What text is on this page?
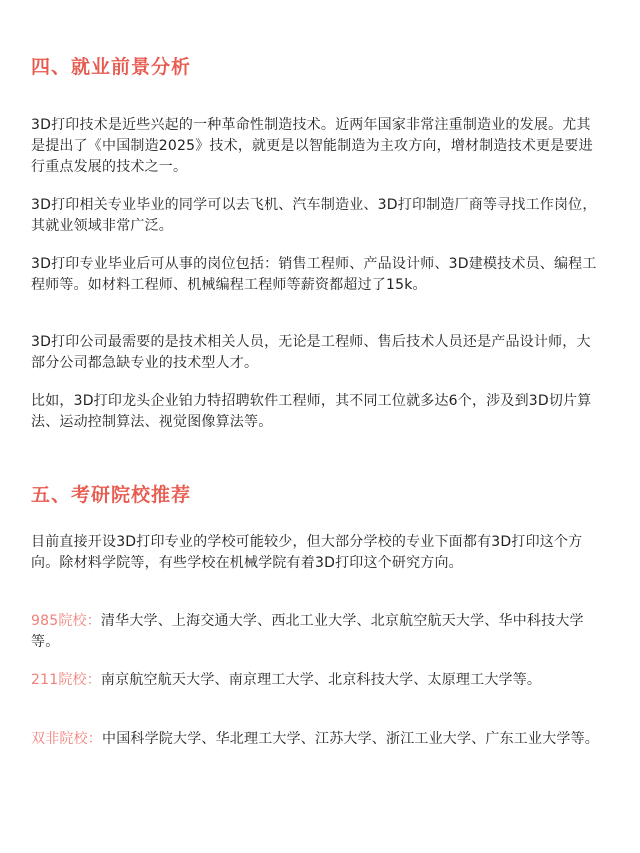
四、就业前景分析

3D打印技术是近些兴起的一种革命性制造技术。近两年国家非常注重制造业的发展。尤其是提出了《中国制造2025》技术，就更是以智能制造为主攻方向，增材制造技术更是要进行重点发展的技术之一。

3D打印相关专业毕业的同学可以去飞机、汽车制造业、3D打印制造厂商等寻找工作岗位，其就业领域非常广泛。

3D打印专业毕业后可从事的岗位包括：销售工程师、产品设计师、3D建模技术员、编程工程师等。如材料工程师、机械编程工程师等薪资都超过了15k。

3D打印公司最需要的是技术相关人员，无论是工程师、售后技术人员还是产品设计师，大部分公司都急缺专业的技术型人才。

比如，3D打印龙头企业铂力特招聘软件工程师，其不同工位就多达6个，涉及到3D切片算法、运动控制算法、视觉图像算法等。

五、考研院校推荐

目前直接开设3D打印专业的学校可能较少，但大部分学校的专业下面都有3D打印这个方向。除材料学院等，有些学校在机械学院有着3D打印这个研究方向。

985院校：清华大学、上海交通大学、西北工业大学、北京航空航天大学、华中科技大学等。

211院校：南京航空航天大学、南京理工大学、北京科技大学、太原理工大学等。

双非院校：中国科学院大学、华北理工大学、江苏大学、浙江工业大学、广东工业大学等。
